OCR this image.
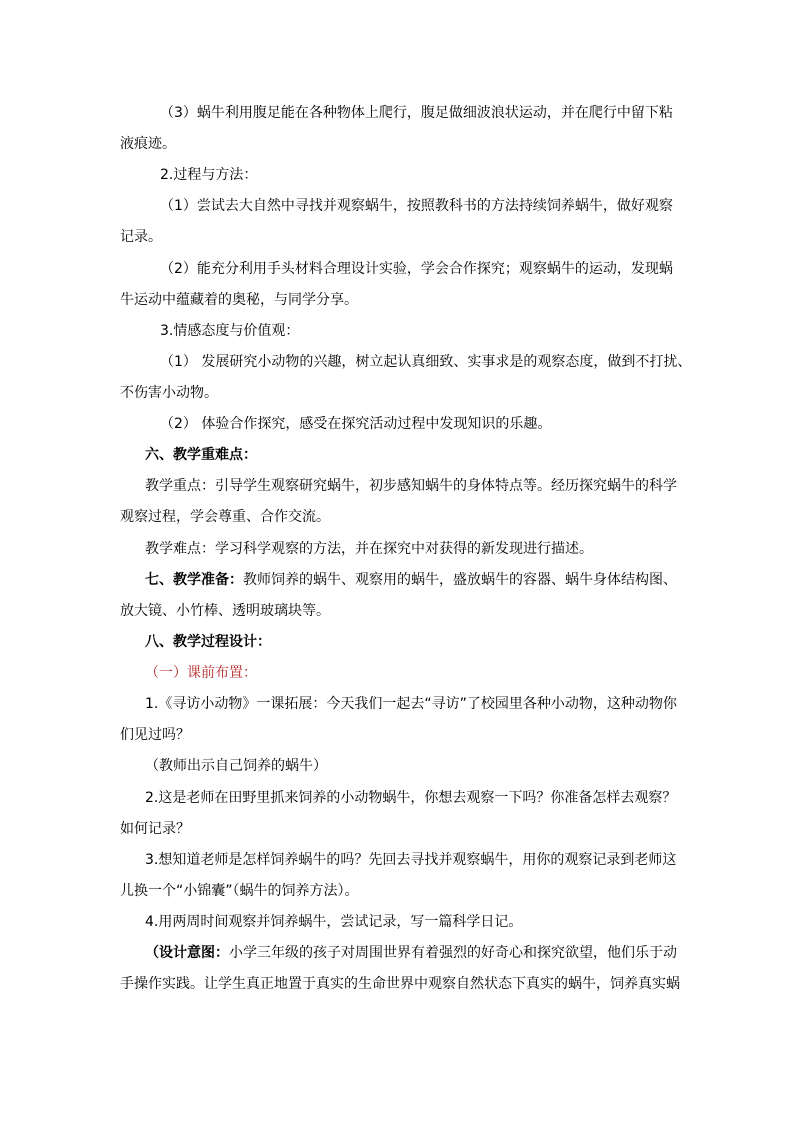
（3）蜗牛利用腹足能在各种物体上爬行，腹足做细波浪状运动，并在爬行中留下粘
液痕迹。
2.过程与方法：
（1）尝试去大自然中寻找并观察蜗牛，按照教科书的方法持续饲养蜗牛，做好观察
记录。
（2）能充分利用手头材料合理设计实验，学会合作探究；观察蜗牛的运动，发现蜗
牛运动中蕴藏着的奥秘，与同学分享。
3.情感态度与价值观：
（1） 发展研究小动物的兴趣，树立起认真细致、实事求是的观察态度，做到不打扰、
不伤害小动物。
（2） 体验合作探究，感受在探究活动过程中发现知识的乐趣。
六、教学重难点：
教学重点：引导学生观察研究蜗牛，初步感知蜗牛的身体特点等。经历探究蜗牛的科学
观察过程，学会尊重、合作交流。
教学难点：学习科学观察的方法，并在探究中对获得的新发现进行描述。
七、教学准备：教师饲养的蜗牛、观察用的蜗牛，盛放蜗牛的容器、蜗牛身体结构图、
放大镜、小竹棒、透明玻璃块等。
八、教学过程设计：
（一）课前布置：
1.《寻访小动物》一课拓展：今天我们一起去“寻访”了校园里各种小动物，这种动物你
们见过吗？
（教师出示自己饲养的蜗牛）
2.这是老师在田野里抓来饲养的小动物蜗牛，你想去观察一下吗？你准备怎样去观察？
如何记录？
3.想知道老师是怎样饲养蜗牛的吗？先回去寻找并观察蜗牛，用你的观察记录到老师这
儿换一个“小锦囊”（蜗牛的饲养方法）。
4.用两周时间观察并饲养蜗牛，尝试记录，写一篇科学日记。
（设计意图：小学三年级的孩子对周围世界有着强烈的好奇心和探究欲望，他们乐于动
手操作实践。让学生真正地置于真实的生命世界中观察自然状态下真实的蜗牛，饲养真实蜗
